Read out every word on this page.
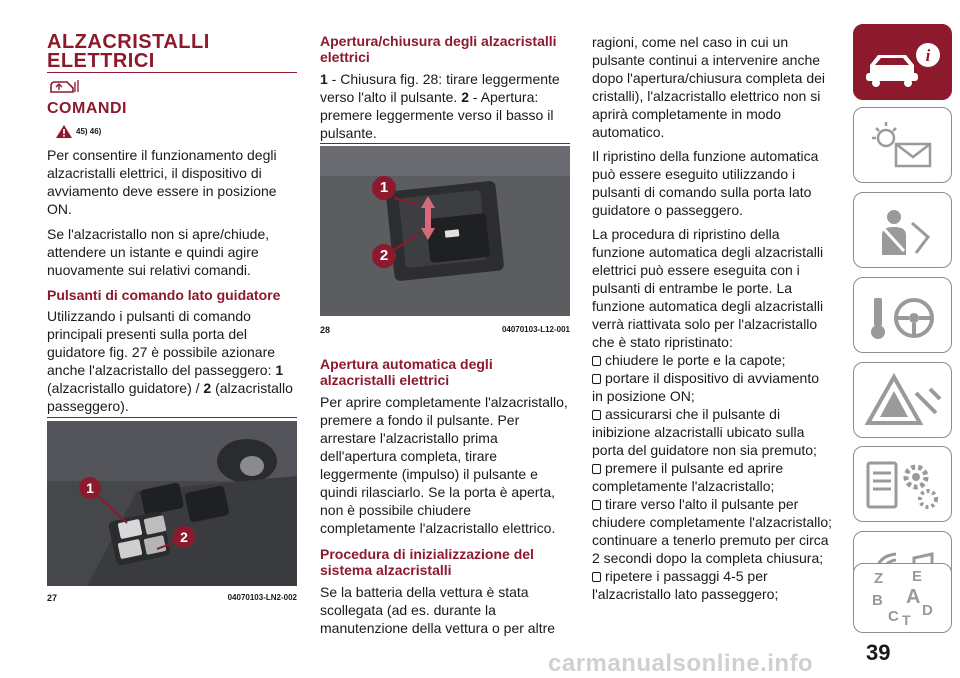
ALZACRISTALLI
ELETTRICI

COMANDI

45) 46)

Per consentire il funzionamento degli alzacristalli elettrici, il dispositivo di avviamento deve essere in posizione ON.

Se l'alzacristallo non si apre/chiude, attendere un istante e quindi agire nuovamente sui relativi comandi.

Pulsanti di comando lato guidatore

Utilizzando i pulsanti di comando principali presenti sulla porta del guidatore fig. 27 è possibile azionare anche l'alzacristallo del passeggero: 1 (alzacristallo guidatore) / 2 (alzacristallo passeggero).

1
2
27	04070103-LN2-002

Apertura/chiusura degli alzacristalli elettrici

1 - Chiusura fig. 28: tirare leggermente verso l'alto il pulsante. 2 - Apertura: premere leggermente verso il basso il pulsante.

1
2
28	04070103-L12-001

Apertura automatica degli alzacristalli elettrici

Per aprire completamente l'alzacristallo, premere a fondo il pulsante. Per arrestare l'alzacristallo prima dell'apertura completa, tirare leggermente (impulso) il pulsante e quindi rilasciarlo. Se la porta è aperta, non è possibile chiudere completamente l'alzacristallo elettrico.

Procedura di inizializzazione del sistema alzacristalli

Se la batteria della vettura è stata scollegata (ad es. durante la manutenzione della vettura o per altre

ragioni, come nel caso in cui un pulsante continui a intervenire anche dopo l'apertura/chiusura completa dei cristalli), l'alzacristallo elettrico non si aprirà completamente in modo automatico.

Il ripristino della funzione automatica può essere eseguito utilizzando i pulsanti di comando sulla porta lato guidatore o passeggero.

La procedura di ripristino della funzione automatica degli alzacristalli elettrici può essere eseguita con i pulsanti di entrambe le porte. La funzione automatica degli alzacristalli verrà riattivata solo per l'alzacristallo che è stato ripristinato:

chiudere le porte e la capote;

portare il dispositivo di avviamento in posizione ON;

assicurarsi che il pulsante di inibizione alzacristalli ubicato sulla porta del guidatore non sia premuto;

premere il pulsante ed aprire completamente l'alzacristallo;

tirare verso l'alto il pulsante per chiudere completamente l'alzacristallo; continuare a tenerlo premuto per circa 2 secondi dopo la completa chiusura;

ripetere i passaggi 4-5 per l'alzacristallo lato passeggero;

i
Z E
B A
C T
D
39
carmanualsonline.info
